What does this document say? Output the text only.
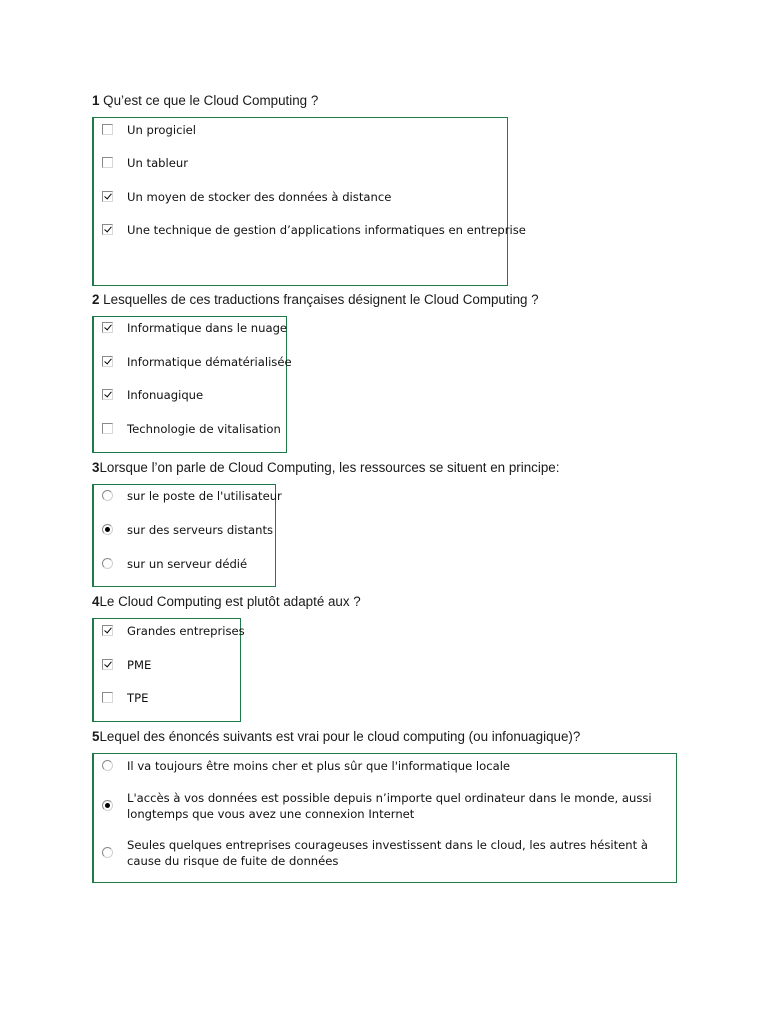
1 Qu’est ce que le Cloud Computing ?
Un progiciel
Un tableur
Un moyen de stocker des données à distance
Une technique de gestion d’applications informatiques en entreprise
2 Lesquelles de ces traductions françaises désignent le Cloud Computing ?
Informatique dans le nuage
Informatique dématérialisée
Infonuagique
Technologie de vitalisation
3Lorsque l’on parle de Cloud Computing, les ressources se situent en principe:
sur le poste de l'utilisateur
sur des serveurs distants
sur un serveur dédié
4Le Cloud Computing est plutôt adapté aux ?
Grandes entreprises
PME
TPE
5Lequel des énoncés suivants est vrai pour le cloud computing (ou infonuagique)?
Il va toujours être moins cher et plus sûr que l'informatique locale
L'accès à vos données est possible depuis n’importe quel ordinateur dans le monde, aussi longtemps que vous avez une connexion Internet
Seules quelques entreprises courageuses investissent dans le cloud, les autres hésitent à cause du risque de fuite de données
